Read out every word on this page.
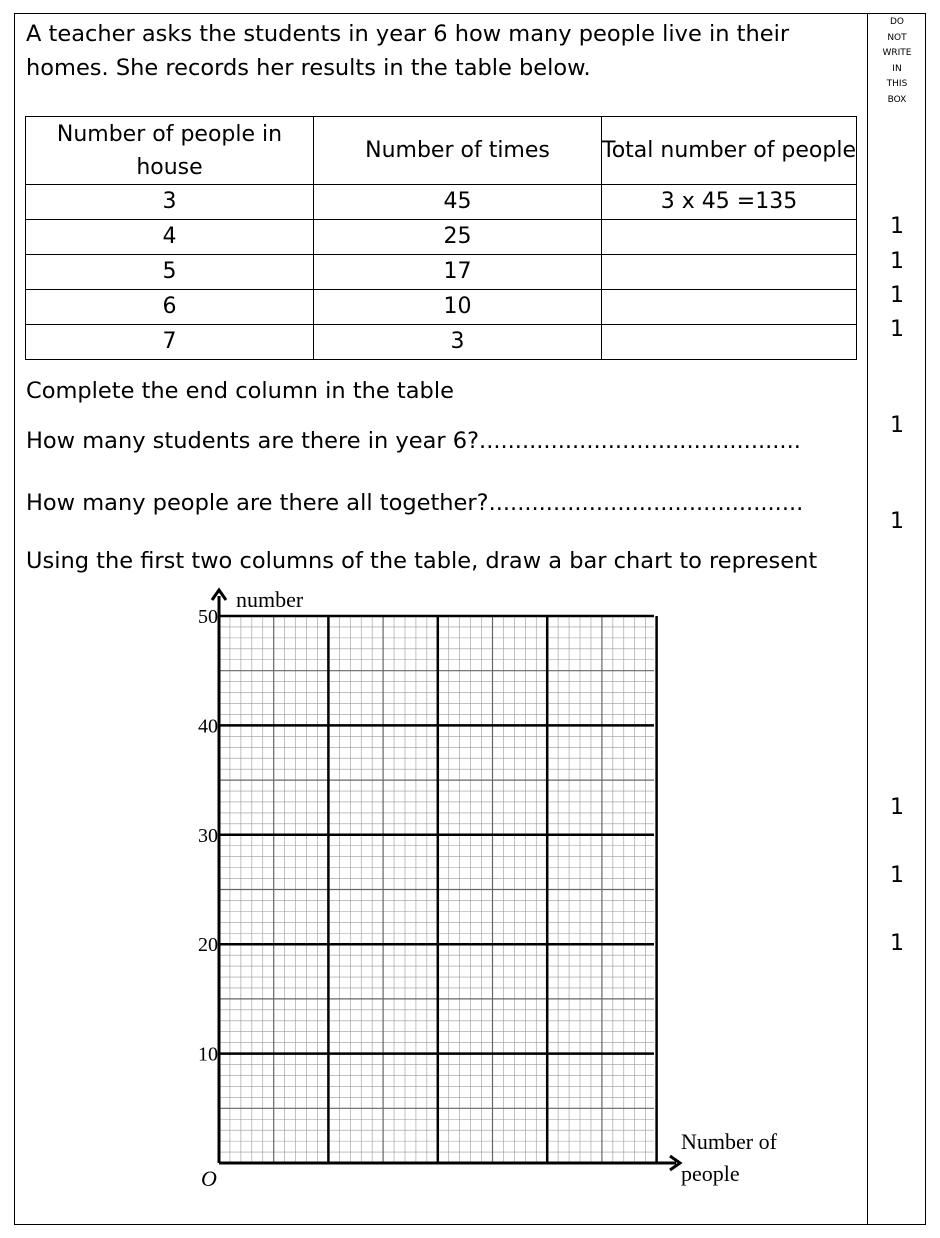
DO
NOT
WRITE
IN
THIS
BOX
1
1
1
1
1
1
1
1
1
A teacher asks the students in year 6 how many people live in their
homes. She records her results in the table below.
Number of people in house	Number of times	Total number of people
3	45	3 x 45 =135
4	25	
5	17	
6	10	
7	3	
Complete the end column in the table
How many students are there in year 6?.............................................
How many people are there all together?............................................
Using the first two columns of the table, draw a bar chart to represent
10
20
30
40
50
number
Number of
people
O
